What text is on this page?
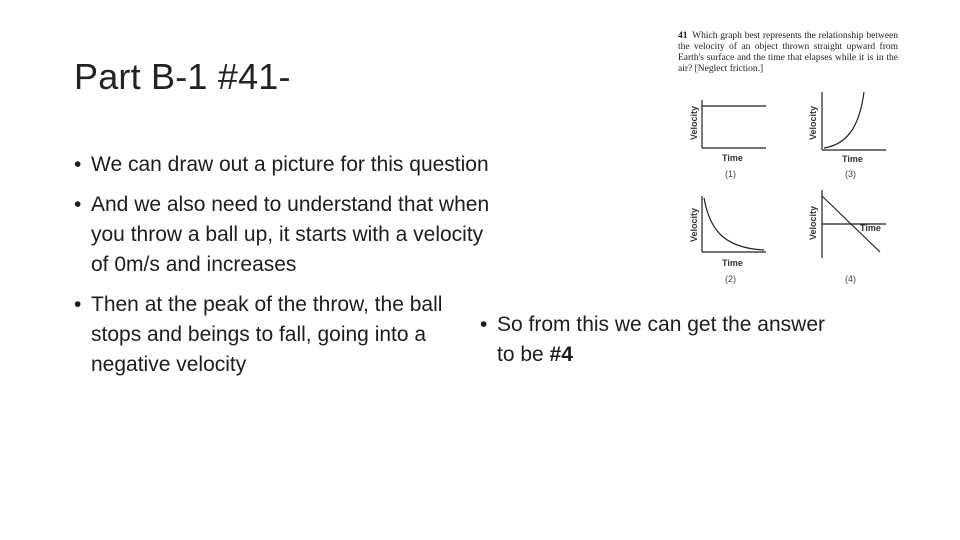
Part B-1 #41-
• We can draw out a picture for this question
• And we also need to understand that when you throw a ball up, it starts with a velocity of 0m/s and increases
• Then at the peak of the throw, the ball stops and beings to fall, going into a negative velocity
• So from this we can get the answer to be #4
41 Which graph best represents the relationship between the velocity of an object thrown straight upward from Earth's surface and the time that elapses while it is in the air? [Neglect friction.]
Velocity
Time
(1)
Velocity
Time
(3)
Velocity
Time
(2)
Velocity	Time
(4)
